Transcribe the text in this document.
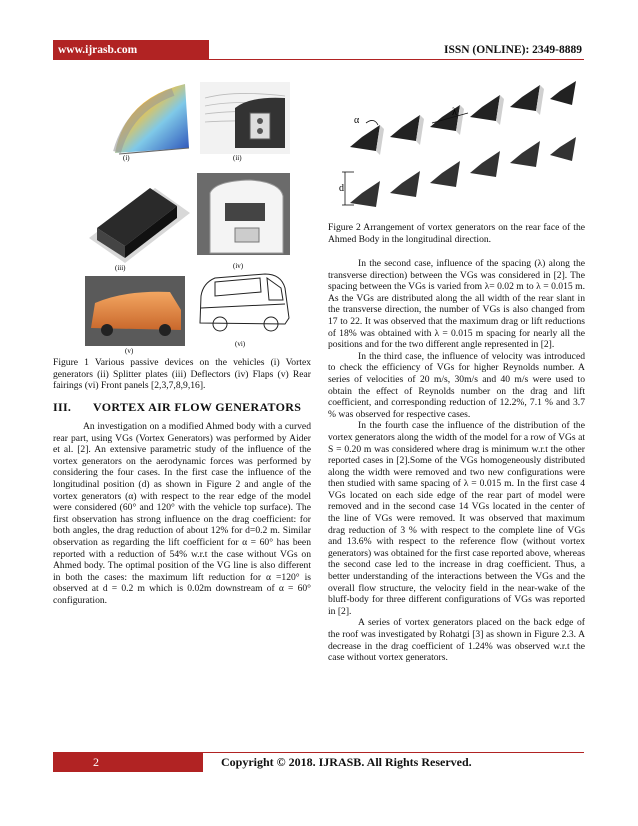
www.ijrasb.com	ISSN (ONLINE): 2349-8889
(i)	(ii)
(iii)	(iv)
(v)
(vi)

Figure 1 Various passive devices on the vehicles (i) Vortex generators (ii) Splitter plates (iii) Deflectors (iv) Flaps (v) Rear fairings (vi) Front panels [2,3,7,8,9,16].

III. VORTEX AIR FLOW GENERATORS

An investigation on a modified Ahmed body with a curved rear part, using VGs (Vortex Generators) was performed by Aider et al. [2]. An extensive parametric study of the influence of the vortex generators on the aerodynamic forces was performed by considering the four cases. In the first case the influence of the longitudinal position (d) as shown in Figure 2 and angle of the vortex generators (α) with respect to the rear edge of the model were considered (60° and 120° with the vehicle top surface). The first observation has strong influence on the drag coefficient: for both angles, the drag reduction of about 12% for d=0.2 m. Similar observation as regarding the lift coefficient for α = 60° has been reported with a reduction of 54% w.r.t the case without VGs on Ahmed body. The optimal position of the VG line is also different in both the cases: the maximum lift reduction for α =120° is observed at d = 0.2 m which is 0.02m downstream of α = 60° configuration.

d
α
λ

Figure 2 Arrangement of vortex generators on the rear face of the Ahmed Body in the longitudinal direction.

In the second case, influence of the spacing (λ) along the transverse direction) between the VGs was considered in [2]. The spacing between the VGs is varied from λ= 0.02 m to λ = 0.015 m. As the VGs are distributed along the all width of the rear slant in the transverse direction, the number of VGs is also changed from 17 to 22. It was observed that the maximum drag or lift reductions of 18% was obtained with λ = 0.015 m spacing for nearly all the positions and for the two different angle represented in [2].

In the third case, the influence of velocity was introduced to check the efficiency of VGs for higher Reynolds number. A series of velocities of 20 m/s, 30m/s and 40 m/s were used to obtain the effect of Reynolds number on the drag and lift coefficient, and corresponding reduction of 12.2%, 7.1 % and 3.7 % was observed for respective cases.

In the fourth case the influence of the distribution of the vortex generators along the width of the model for a row of VGs at S = 0.20 m was considered where drag is minimum w.r.t the other reported cases in [2].Some of the VGs homogeneously distributed along the width were removed and two new configurations were then studied with same spacing of λ = 0.015 m. In the first case 4 VGs located on each side edge of the rear part of model were removed and in the second case 14 VGs located in the center of the line of VGs were removed. It was observed that maximum drag reduction of 3 % with respect to the complete line of VGs and 13.6% with respect to the reference flow (without vortex generators) was obtained for the first case reported above, whereas the second case led to the increase in drag coefficient. Thus, a better understanding of the interactions between the VGs and the overall flow structure, the velocity field in the near-wake of the bluff-body for three different configurations of VGs was reported in [2].

A series of vortex generators placed on the back edge of the roof was investigated by Rohatgi [3] as shown in Figure 2.3. A decrease in the drag coefficient of 1.24% was observed w.r.t the case without vortex generators.

2	Copyright © 2018. IJRASB. All Rights Reserved.
